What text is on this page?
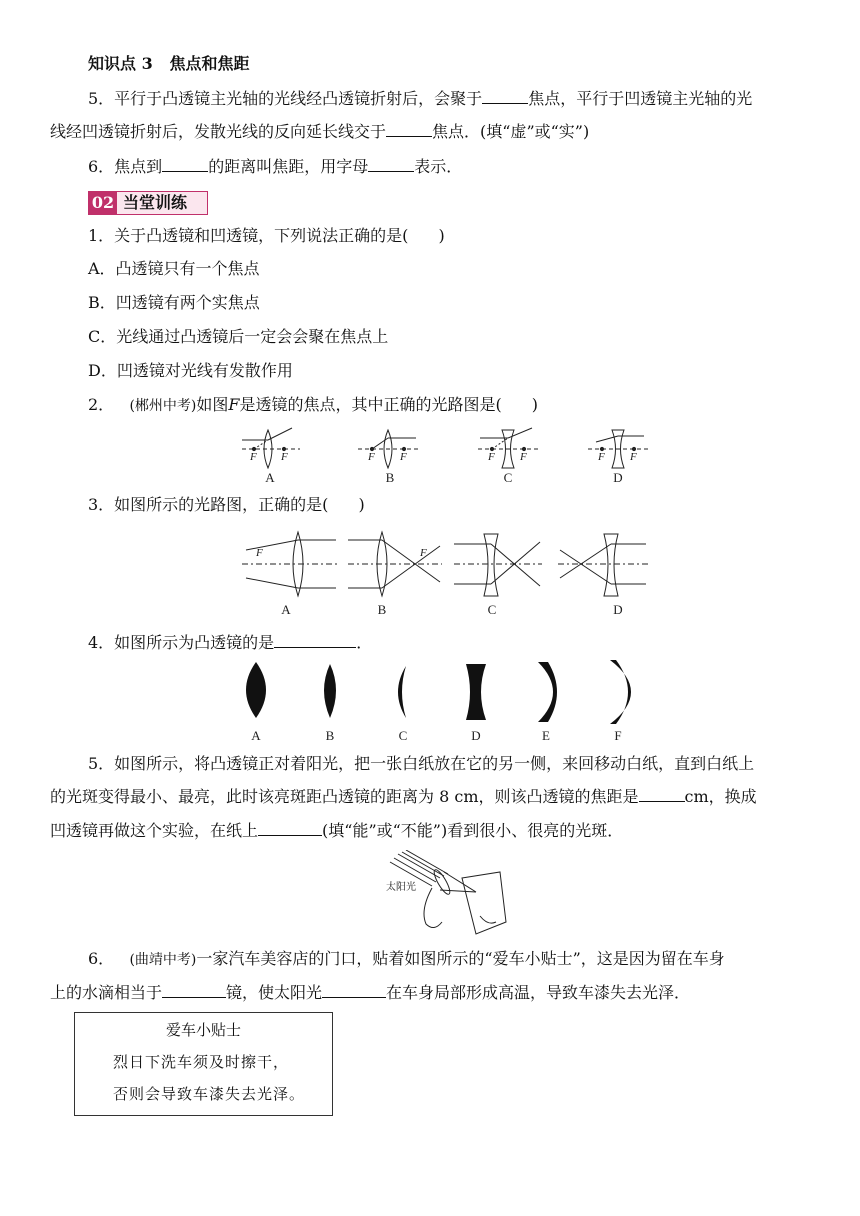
知识点 3 焦点和焦距
5．平行于凸透镜主光轴的光线经凸透镜折射后，会聚于	焦点，平行于凹透镜主光轴的光
线经凹透镜折射后，发散光线的反向延长线交于	焦点．(填“虚”或“实”)
6．焦点到	的距离叫焦距，用字母	表示．
02 当堂训练
1．关于凸透镜和凹透镜，下列说法正确的是( )
A．凸透镜只有一个焦点
B．凹透镜有两个实焦点
C．光线通过凸透镜后一定会会聚在焦点上
D．凹透镜对光线有发散作用
2． (郴州中考)如图F是透镜的焦点，其中正确的光路图是( )
F F	F F	F F	F F
A	B	C	D
3．如图所示的光路图，正确的是( )
F	F
A	B	C	D
4．如图所示为凸透镜的是	．
A	B	C	D	E	F
5．如图所示，将凸透镜正对着阳光，把一张白纸放在它的另一侧，来回移动白纸，直到白纸上
的光斑变得最小、最亮，此时该亮斑距凸透镜的距离为 8 cm，则该凸透镜的焦距是	cm，换成
凹透镜再做这个实验，在纸上	(填“能”或“不能”)看到很小、很亮的光斑．
太阳光
6． (曲靖中考)一家汽车美容店的门口，贴着如图所示的“爱车小贴士”，这是因为留在车身
上的水滴相当于	镜，使太阳光	在车身局部形成高温，导致车漆失去光泽．
爱车小贴士
烈日下洗车须及时擦干，
否则会导致车漆失去光泽。
